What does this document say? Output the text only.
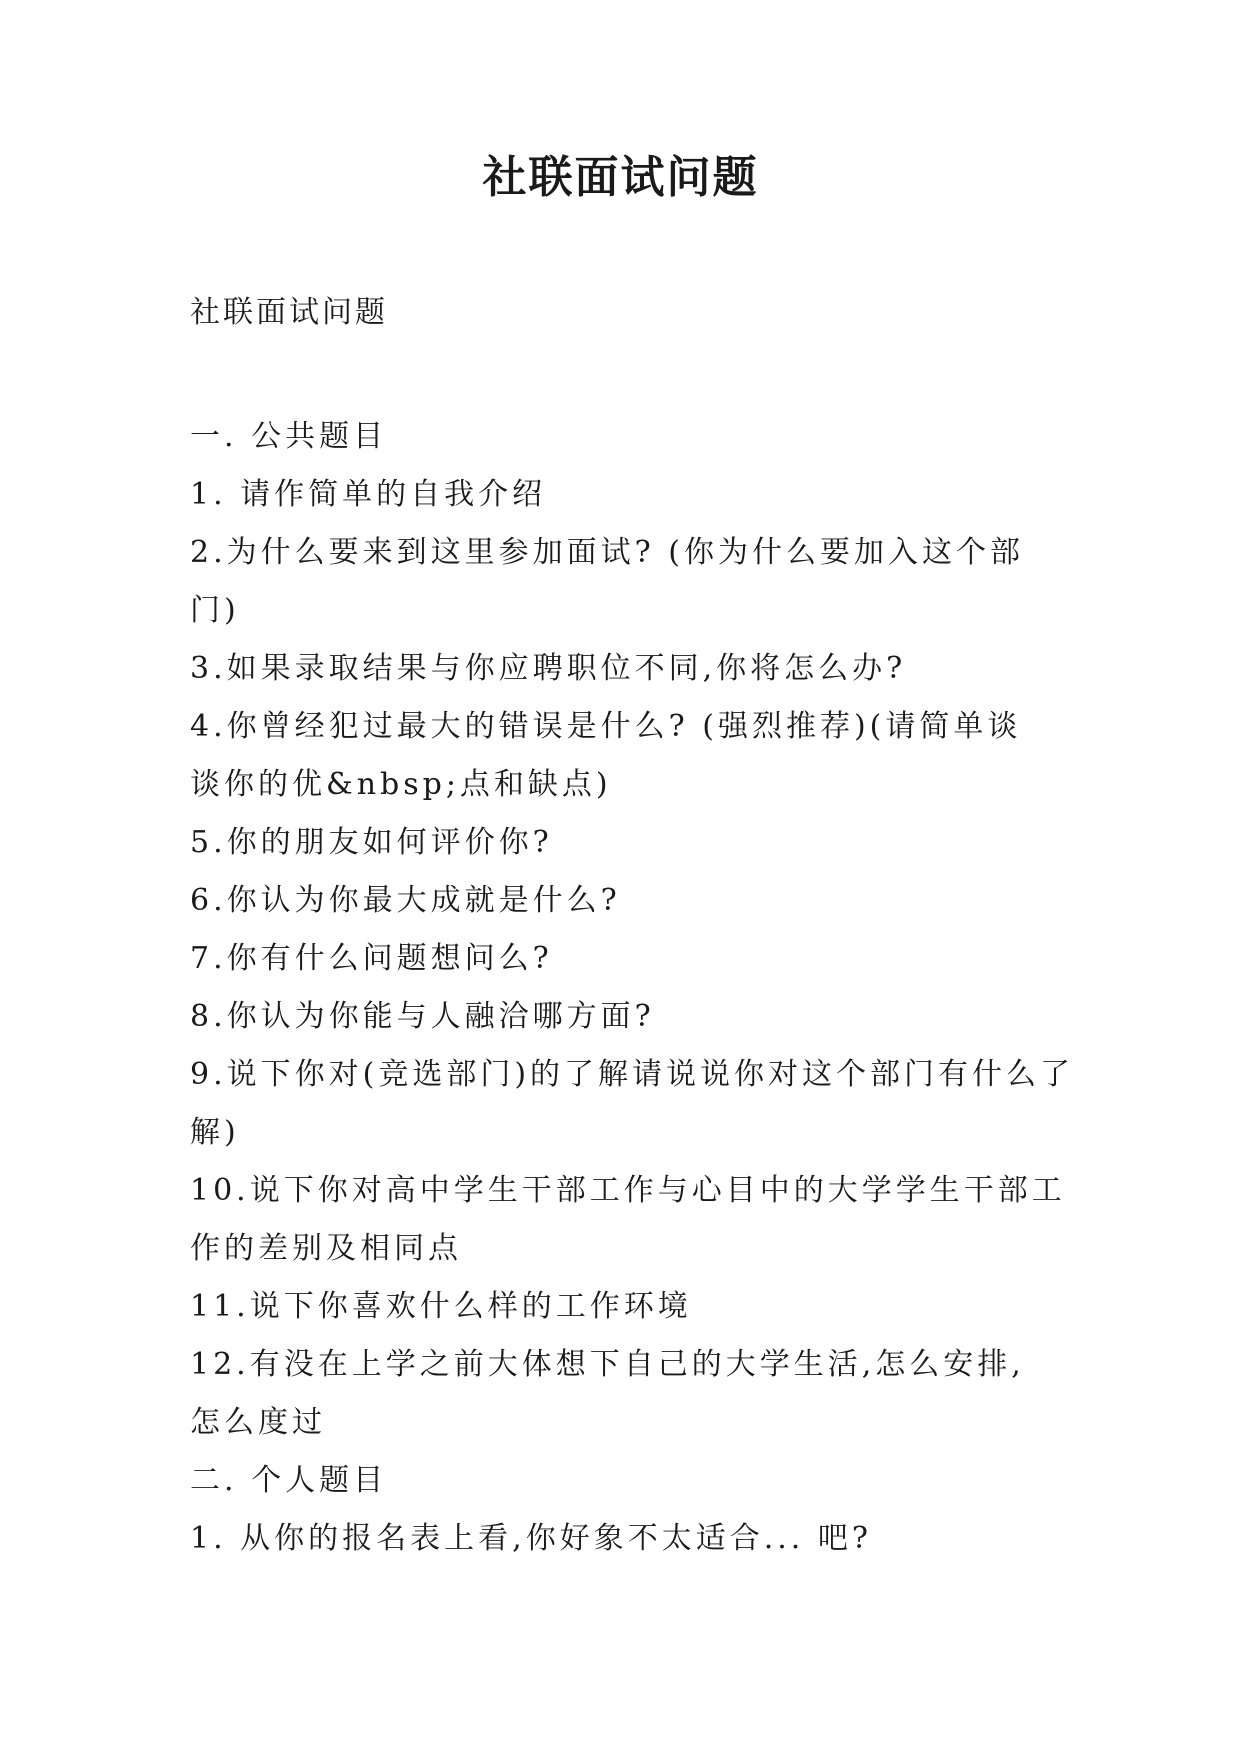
社联面试问题

社联面试问题

一. 公共题目
1. 请作简单的自我介绍
2.为什么要来到这里参加面试? (你为什么要加入这个部
门)
3.如果录取结果与你应聘职位不同,你将怎么办?
4.你曾经犯过最大的错误是什么? (强烈推荐)(请简单谈
谈你的优&nbsp;点和缺点)
5.你的朋友如何评价你?
6.你认为你最大成就是什么?
7.你有什么问题想问么?
8.你认为你能与人融洽哪方面?
9.说下你对(竞选部门)的了解请说说你对这个部门有什么了
解)
10.说下你对高中学生干部工作与心目中的大学学生干部工
作的差别及相同点
11.说下你喜欢什么样的工作环境
12.有没在上学之前大体想下自己的大学生活,怎么安排,
怎么度过
二. 个人题目
1. 从你的报名表上看,你好象不太适合... 吧?
